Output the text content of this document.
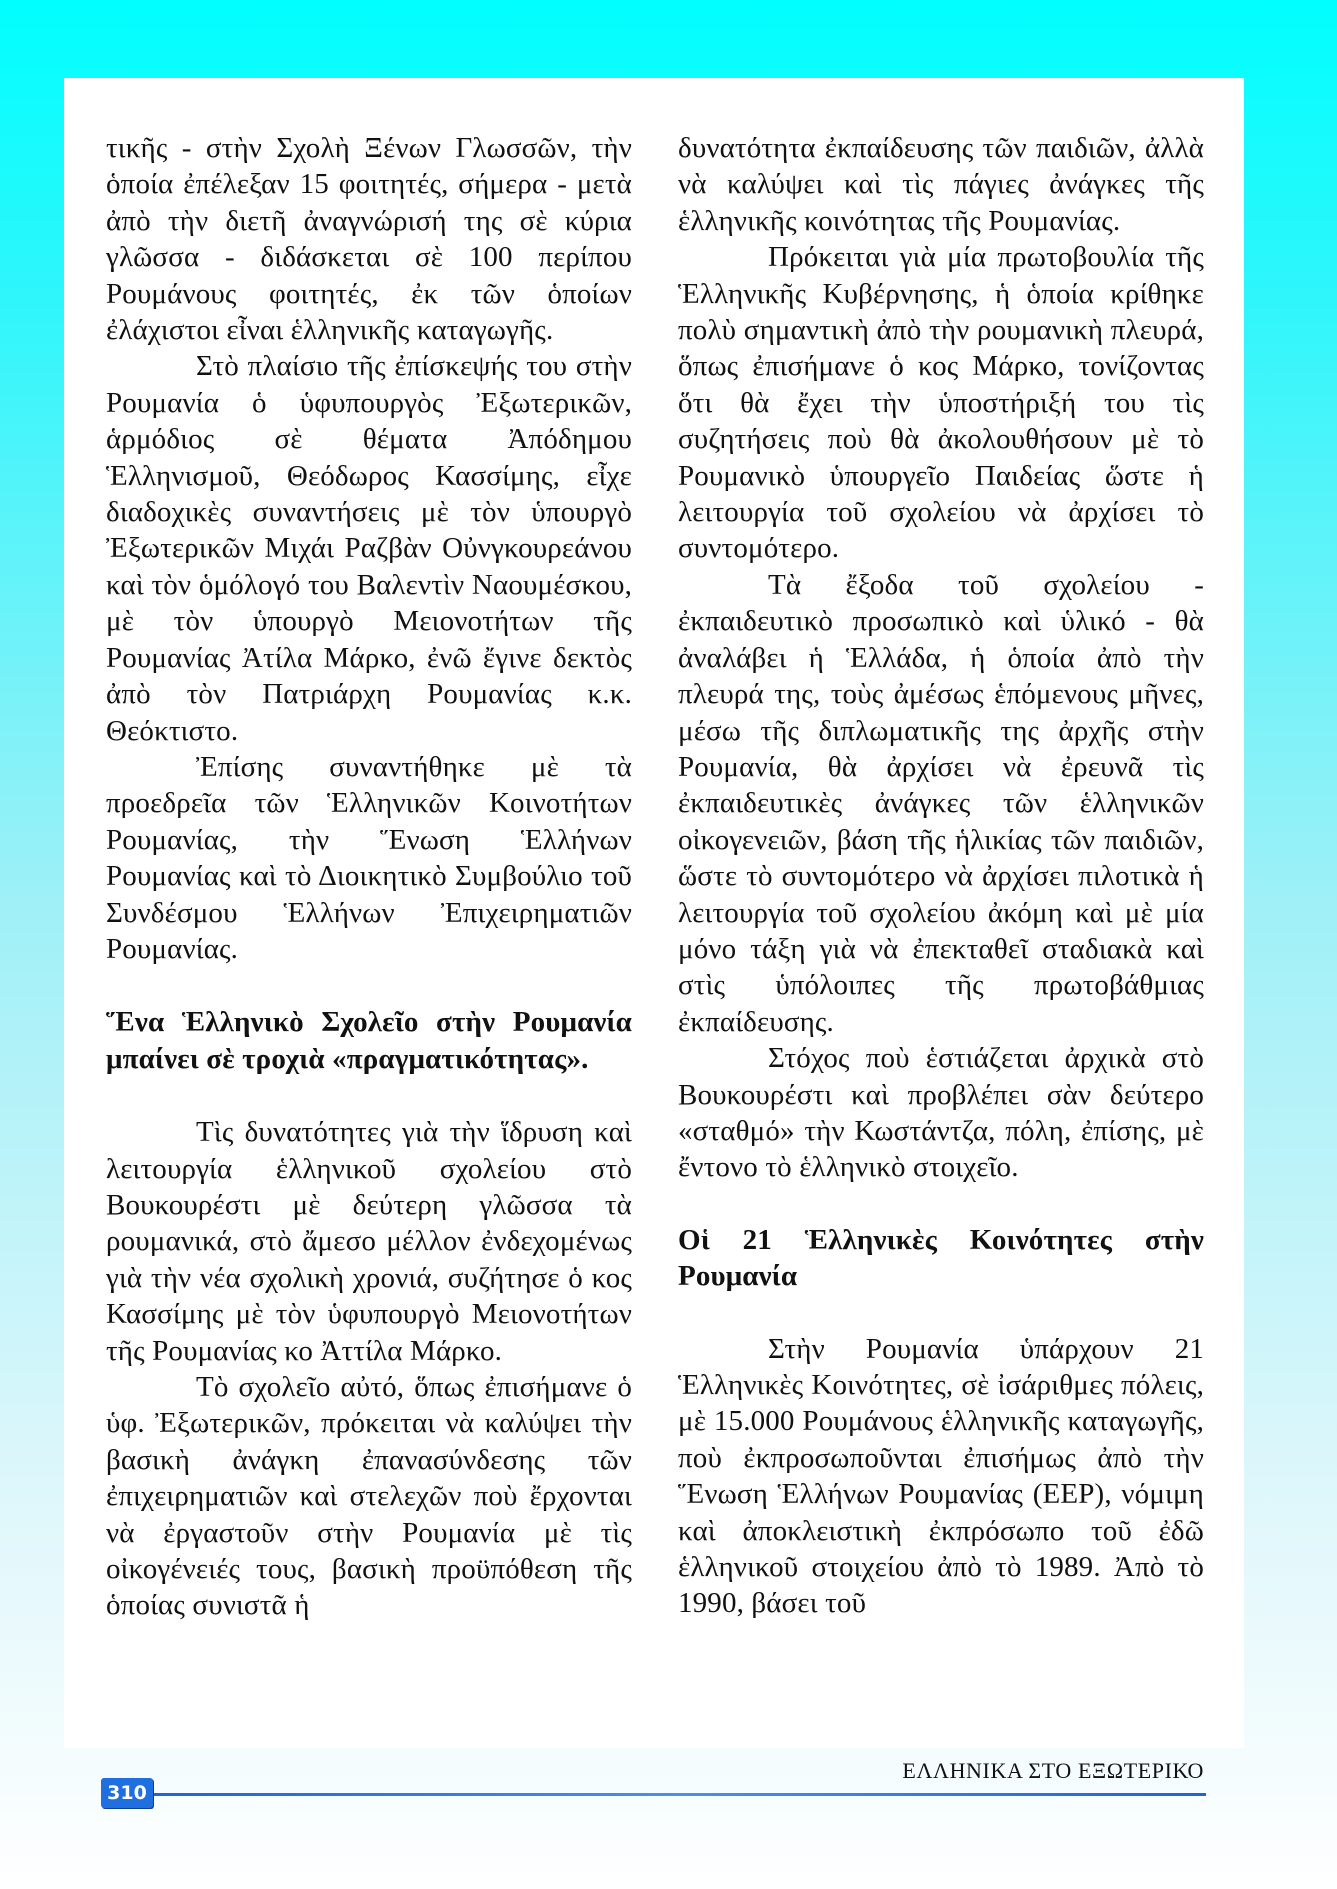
τικῆς - στὴν Σχολὴ Ξένων Γλωσσῶν, τὴν ὁποία ἐπέλεξαν 15 φοιτητές, σήμερα - μετὰ ἀπὸ τὴν διετῆ ἀναγνώρισή της σὲ κύρια γλῶσσα - διδάσκεται σὲ 100 περίπου Ρουμάνους φοιτητές, ἐκ τῶν ὁποίων ἐλάχιστοι εἶναι ἑλληνικῆς καταγωγῆς.

Στὸ πλαίσιο τῆς ἐπίσκεψής του στὴν Ρουμανία ὁ ὑφυπουργὸς Ἐξωτερικῶν, ἁρμόδιος σὲ θέματα Ἀπόδημου Ἑλληνισμοῦ, Θεόδωρος Κασσίμης, εἶχε διαδοχικὲς συναντήσεις μὲ τὸν ὑπουργὸ Ἐξωτερικῶν Μιχάι Ραζβὰν Οὐνγκουρεάνου καὶ τὸν ὁμόλογό του Βαλεντὶν Ναουμέσκου, μὲ τὸν ὑπουργὸ Μειονοτήτων τῆς Ρουμανίας Ἀτίλα Μάρκο, ἐνῶ ἔγινε δεκτὸς ἀπὸ τὸν Πατριάρχη Ρουμανίας κ.κ. Θεόκτιστο.

Ἐπίσης συναντήθηκε μὲ τὰ προεδρεῖα τῶν Ἑλληνικῶν Κοινοτήτων Ρουμανίας, τὴν Ἕνωση Ἑλλήνων Ρουμανίας καὶ τὸ Διοικητικὸ Συμβούλιο τοῦ Συνδέσμου Ἑλλήνων Ἐπιχειρηματιῶν Ρουμανίας.

Ἕνα Ἑλληνικὸ Σχολεῖο στὴν Ρουμανία μπαίνει σὲ τροχιὰ «πραγματικότητας».

Τὶς δυνατότητες γιὰ τὴν ἵδρυση καὶ λειτουργία ἑλληνικοῦ σχολείου στὸ Βουκουρέστι μὲ δεύτερη γλῶσσα τὰ ρουμανικά, στὸ ἄμεσο μέλλον ἐνδεχομένως γιὰ τὴν νέα σχολικὴ χρονιά, συζήτησε ὁ κος Κασσίμης μὲ τὸν ὑφυπουργὸ Μειονοτήτων τῆς Ρουμανίας κο Ἀττίλα Μάρκο.

Τὸ σχολεῖο αὐτό, ὅπως ἐπισήμανε ὁ ὑφ. Ἐξωτερικῶν, πρόκειται νὰ καλύψει τὴν βασικὴ ἀνάγκη ἐπανασύνδεσης τῶν ἐπιχειρηματιῶν καὶ στελεχῶν ποὺ ἔρχονται νὰ ἐργαστοῦν στὴν Ρουμανία μὲ τὶς οἰκογένειές τους, βασικὴ προϋπόθεση τῆς ὁποίας συνιστᾶ ἡ

δυνατότητα ἐκπαίδευσης τῶν παιδιῶν, ἀλλὰ νὰ καλύψει καὶ τὶς πάγιες ἀνάγκες τῆς ἑλληνικῆς κοινότητας τῆς Ρουμανίας.

Πρόκειται γιὰ μία πρωτοβουλία τῆς Ἑλληνικῆς Κυβέρνησης, ἡ ὁποία κρίθηκε πολὺ σημαντικὴ ἀπὸ τὴν ρουμανικὴ πλευρά, ὅπως ἐπισήμανε ὁ κος Μάρκο, τονίζοντας ὅτι θὰ ἔχει τὴν ὑποστήριξή του τὶς συζητήσεις ποὺ θὰ ἀκολουθήσουν μὲ τὸ Ρουμανικὸ ὑπουργεῖο Παιδείας ὥστε ἡ λειτουργία τοῦ σχολείου νὰ ἀρχίσει τὸ συντομότερο.

Τὰ ἔξοδα τοῦ σχολείου - ἐκπαιδευτικὸ προσωπικὸ καὶ ὑλικό - θὰ ἀναλάβει ἡ Ἑλλάδα, ἡ ὁποία ἀπὸ τὴν πλευρά της, τοὺς ἀμέσως ἑπόμενους μῆνες, μέσω τῆς διπλωματικῆς της ἀρχῆς στὴν Ρουμανία, θὰ ἀρχίσει νὰ ἐρευνᾶ τὶς ἐκπαιδευτικὲς ἀνάγκες τῶν ἑλληνικῶν οἰκογενειῶν, βάση τῆς ἡλικίας τῶν παιδιῶν, ὥστε τὸ συντομότερο νὰ ἀρχίσει πιλοτικὰ ἡ λειτουργία τοῦ σχολείου ἀκόμη καὶ μὲ μία μόνο τάξη γιὰ νὰ ἐπεκταθεῖ σταδιακὰ καὶ στὶς ὑπόλοιπες τῆς πρωτοβάθμιας ἐκπαίδευσης.

Στόχος ποὺ ἑστιάζεται ἀρχικὰ στὸ Βουκουρέστι καὶ προβλέπει σὰν δεύτερο «σταθμό» τὴν Κωστάντζα, πόλη, ἐπίσης, μὲ ἔντονο τὸ ἑλληνικὸ στοιχεῖο.

Οἱ 21 Ἑλληνικὲς Κοινότητες στὴν Ρουμανία

Στὴν Ρουμανία ὑπάρχουν 21 Ἑλληνικὲς Κοινότητες, σὲ ἰσάριθμες πόλεις, μὲ 15.000 Ρουμάνους ἑλληνικῆς καταγωγῆς, ποὺ ἐκπροσωποῦνται ἐπισήμως ἀπὸ τὴν Ἕνωση Ἑλλήνων Ρουμανίας (ΕΕΡ), νόμιμη καὶ ἀποκλειστικὴ ἐκπρόσωπο τοῦ ἐδῶ ἑλληνικοῦ στοιχείου ἀπὸ τὸ 1989. Ἀπὸ τὸ 1990, βάσει τοῦ

310
ΕΛΛΗΝΙΚΑ ΣΤΟ ΕΞΩΤΕΡΙΚΟ
